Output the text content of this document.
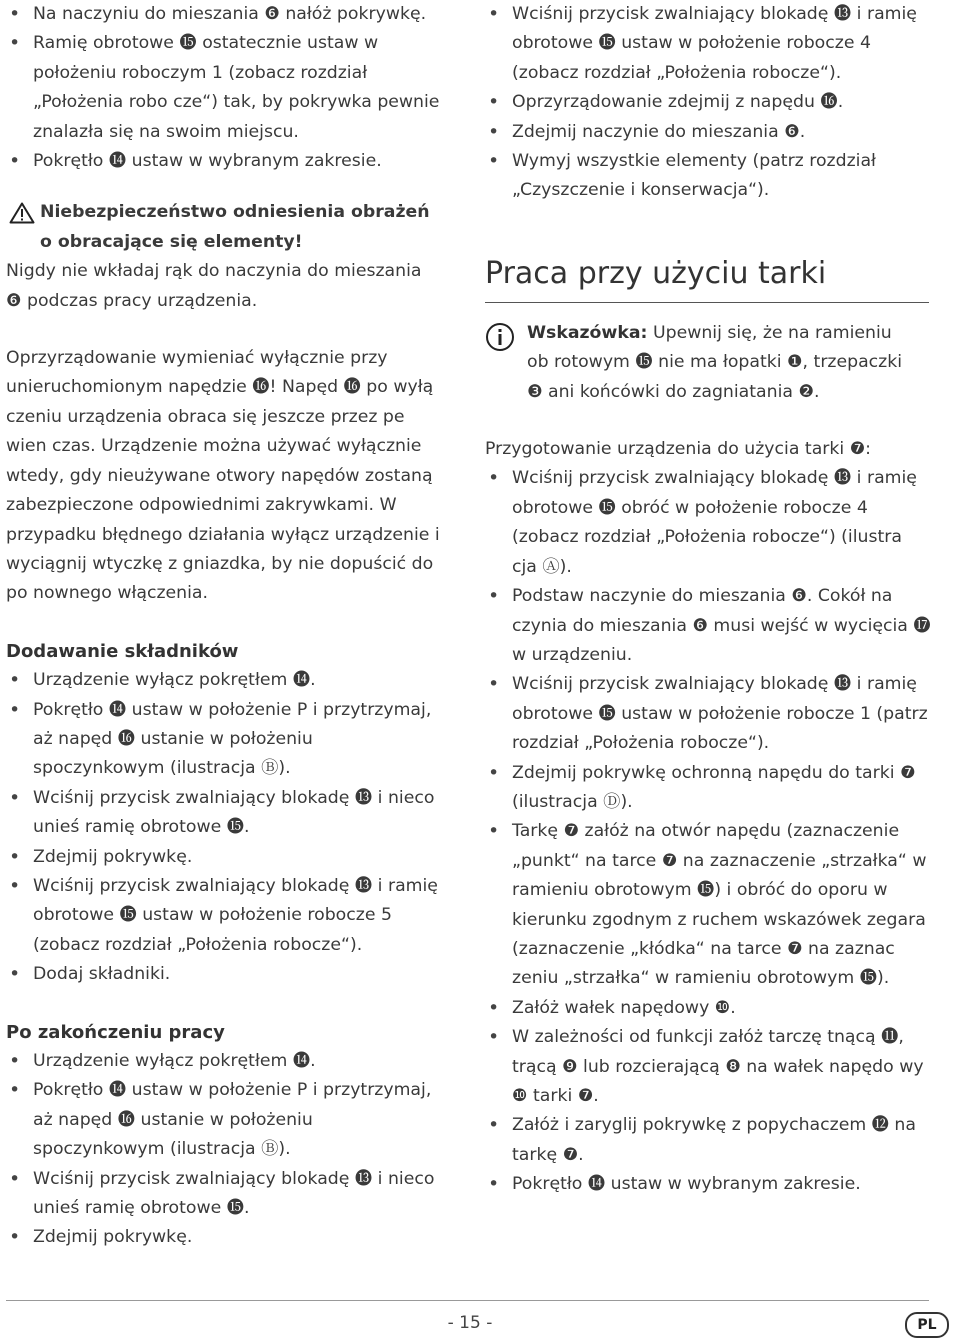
• Na naczyniu do mieszania ❻ nałóż pokrywkę.
• Ramię obrotowe ⓯ ostatecznie ustaw w położeniu roboczym 1 (zobacz rozdział „Położenia robo cze“) tak, by pokrywka pewnie znalazła się na swoim miejscu.
• Pokrętło ⓮ ustaw w wybranym zakresie.
Niebezpieczeństwo odniesienia obrażeń o obracające się elementy!

Nigdy nie wkładaj rąk do naczynia do mieszania ❻ podczas pracy urządzenia.

Oprzyrządowanie wymieniać wyłącznie przy unieruchomionym napędzie ⓰! Napęd ⓰ po wyłą czeniu urządzenia obraca się jeszcze przez pe wien czas. Urządzenie można używać wyłącznie wtedy, gdy nieużywane otwory napędów zostaną zabezpieczone odpowiednimi zakrywkami. W przypadku błędnego działania wyłącz urządzenie i wyciągnij wtyczkę z gniazdka, by nie dopuścić do po nownego włączenia.

Dodawanie składników
• Urządzenie wyłącz pokrętłem ⓮.
• Pokrętło ⓮ ustaw w położenie P i przytrzymaj, aż napęd ⓰ ustanie w położeniu spoczynkowym (ilustracja Ⓑ).
• Wciśnij przycisk zwalniający blokadę ⓭ i nieco unieś ramię obrotowe ⓯.
• Zdejmij pokrywkę.
• Wciśnij przycisk zwalniający blokadę ⓭ i ramię obrotowe ⓯ ustaw w położenie robocze 5 (zobacz rozdział „Położenia robocze“).
• Dodaj składniki.
Po zakończeniu pracy
• Urządzenie wyłącz pokrętłem ⓮.
• Pokrętło ⓮ ustaw w położenie P i przytrzymaj, aż napęd ⓰ ustanie w położeniu spoczynkowym (ilustracja Ⓑ).
• Wciśnij przycisk zwalniający blokadę ⓭ i nieco unieś ramię obrotowe ⓯.
• Zdejmij pokrywkę.
• Wciśnij przycisk zwalniający blokadę ⓭ i ramię obrotowe ⓯ ustaw w położenie robocze 4 (zobacz rozdział „Położenia robocze“).
• Oprzyrządowanie zdejmij z napędu ⓰.
• Zdejmij naczynie do mieszania ❻.
• Wymyj wszystkie elementy (patrz rozdział „Czyszczenie i konserwacja“).
Praca przy użyciu tarki

Wskazówka: Upewnij się, że na ramieniu ob rotowym ⓯ nie ma łopatki ❶, trzepaczki ❸ ani końcówki do zagniatania ❷.

Przygotowanie urządzenia do użycia tarki ❼:

• Wciśnij przycisk zwalniający blokadę ⓭ i ramię obrotowe ⓯ obróć w położenie robocze 4 (zobacz rozdział „Położenia robocze“) (ilustra cja Ⓐ).
• Podstaw naczynie do mieszania ❻. Cokół na czynia do mieszania ❻ musi wejść w wycięcia ⓱ w urządzeniu.
• Wciśnij przycisk zwalniający blokadę ⓭ i ramię obrotowe ⓯ ustaw w położenie robocze 1 (patrz rozdział „Położenia robocze“).
• Zdejmij pokrywkę ochronną napędu do tarki ❼ (ilustracja Ⓓ).
• Tarkę ❼ załóż na otwór napędu (zaznaczenie „punkt“ na tarce ❼ na zaznaczenie „strzałka“ w ramieniu obrotowym ⓯) i obróć do oporu w kierunku zgodnym z ruchem wskazówek zegara (zaznaczenie „kłódka“ na tarce ❼ na zaznac zeniu „strzałka“ w ramieniu obrotowym ⓯).
• Załóż wałek napędowy ❿.
• W zależności od funkcji załóż tarczę tnącą ⓫, trącą ❾ lub rozcierającą ❽ na wałek napędo wy ❿ tarki ❼.
• Załóż i zaryglij pokrywkę z popychaczem ⓬ na tarkę ❼.
• Pokrętło ⓮ ustaw w wybranym zakresie.
- 15 -	PL
